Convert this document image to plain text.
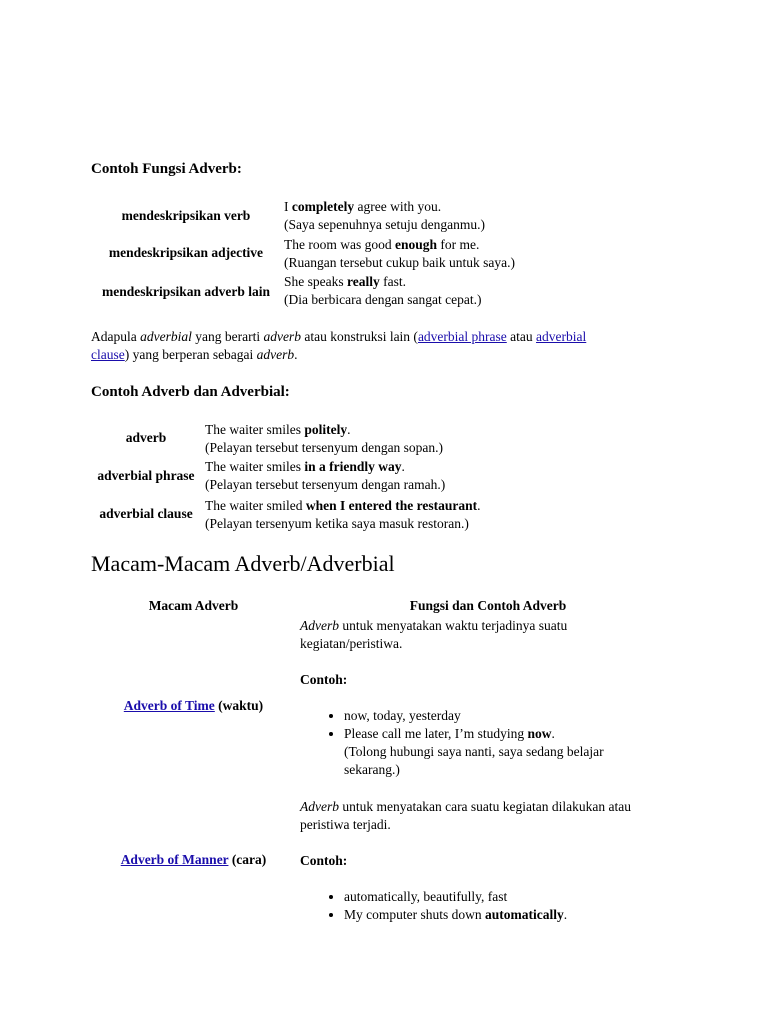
Contoh Fungsi Adverb:
mendeskripsikan verb
I completely agree with you.
(Saya sepenuhnya setuju denganmu.)
mendeskripsikan adjective
The room was good enough for me.
(Ruangan tersebut cukup baik untuk saya.)
mendeskripsikan adverb lain
She speaks really fast.
(Dia berbicara dengan sangat cepat.)
Adapula adverbial yang berarti adverb atau konstruksi lain (adverbial phrase atau adverbial
clause) yang berperan sebagai adverb.
Contoh Adverb dan Adverbial:
adverb
The waiter smiles politely.
(Pelayan tersebut tersenyum dengan sopan.)
adverbial phrase
The waiter smiles in a friendly way.
(Pelayan tersebut tersenyum dengan ramah.)
adverbial clause
The waiter smiled when I entered the restaurant.
(Pelayan tersenyum ketika saya masuk restoran.)
Macam-Macam Adverb/Adverbial
Macam Adverb	Fungsi dan Contoh Adverb
Adverb of Time (waktu)
Adverb untuk menyatakan waktu terjadinya suatu
kegiatan/peristiwa.
Contoh:
• now, today, yesterday
• Please call me later, I’m studying now.
(Tolong hubungi saya nanti, saya sedang belajar
sekarang.)
Adverb of Manner (cara)
Adverb untuk menyatakan cara suatu kegiatan dilakukan atau
peristiwa terjadi.
Contoh:
• automatically, beautifully, fast
• My computer shuts down automatically.
